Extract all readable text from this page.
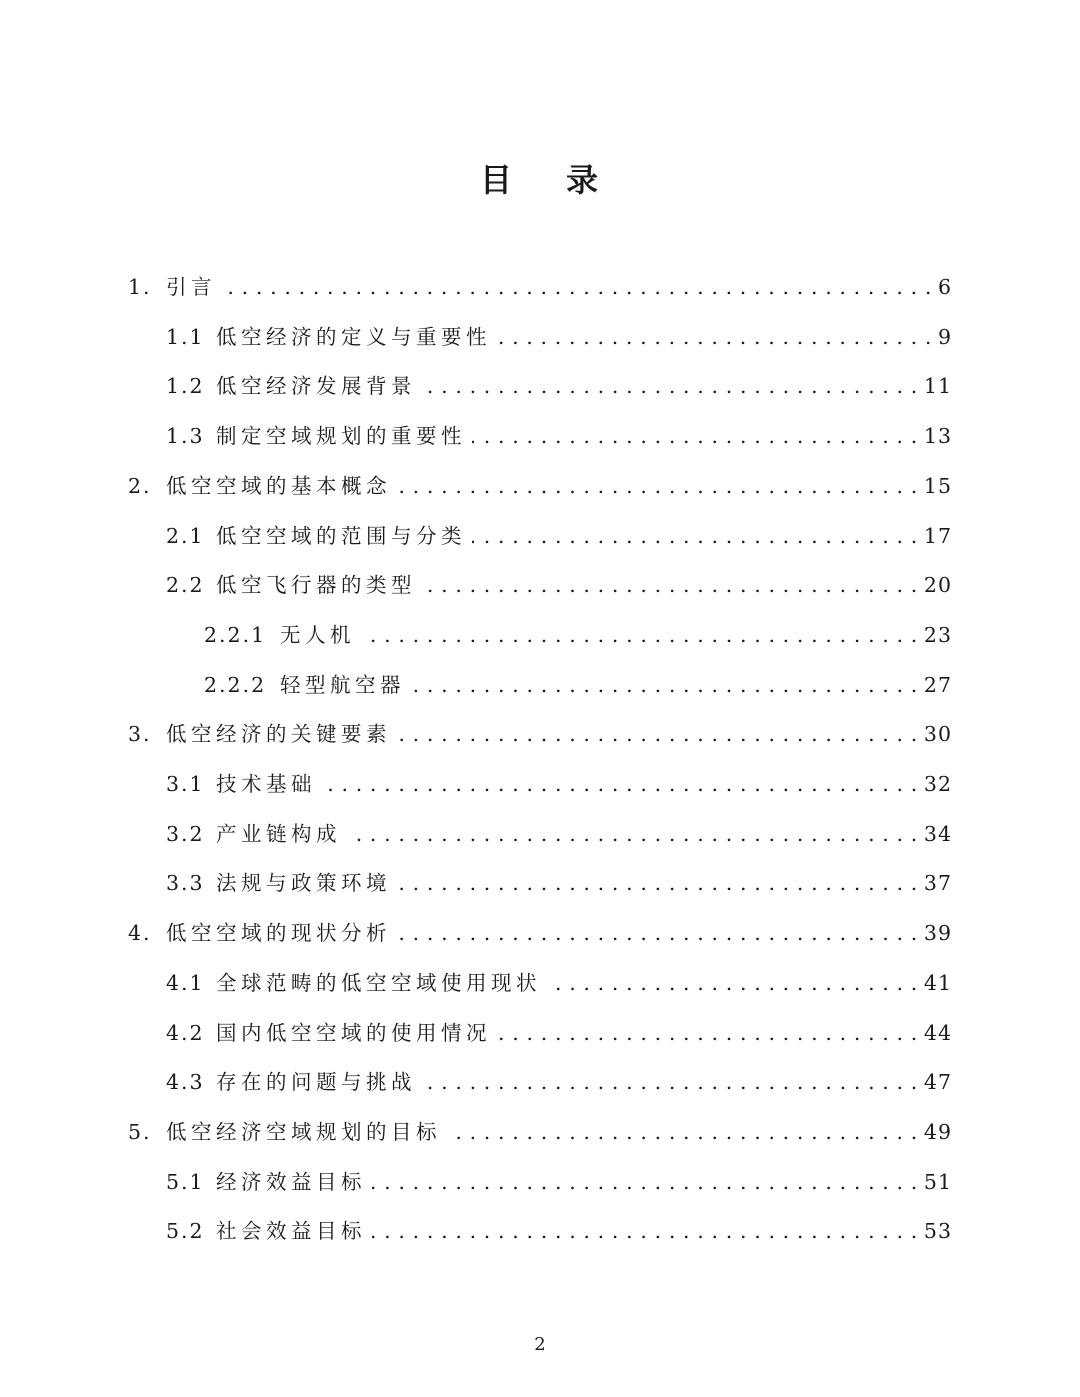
目 录
1. 引言 . . .	6
1.1 低空经济的定义与重要性 . . .	9
1.2 低空经济发展背景 . . .	11
1.3 制定空域规划的重要性 . . .	13
2. 低空空域的基本概念 . . .	15
2.1 低空空域的范围与分类 . . .	17
2.2 低空飞行器的类型 . . .	20
2.2.1 无人机 . . .	23
2.2.2 轻型航空器 . . .	27
3. 低空经济的关键要素 . . .	30
3.1 技术基础 . . .	32
3.2 产业链构成 . . .	34
3.3 法规与政策环境 . . .	37
4. 低空空域的现状分析 . . .	39
4.1 全球范畴的低空空域使用现状 . . .	41
4.2 国内低空空域的使用情况 . . .	44
4.3 存在的问题与挑战 . . .	47
5. 低空经济空域规划的目标 . . .	49
5.1 经济效益目标 . . .	51
5.2 社会效益目标 . . .	53
2
